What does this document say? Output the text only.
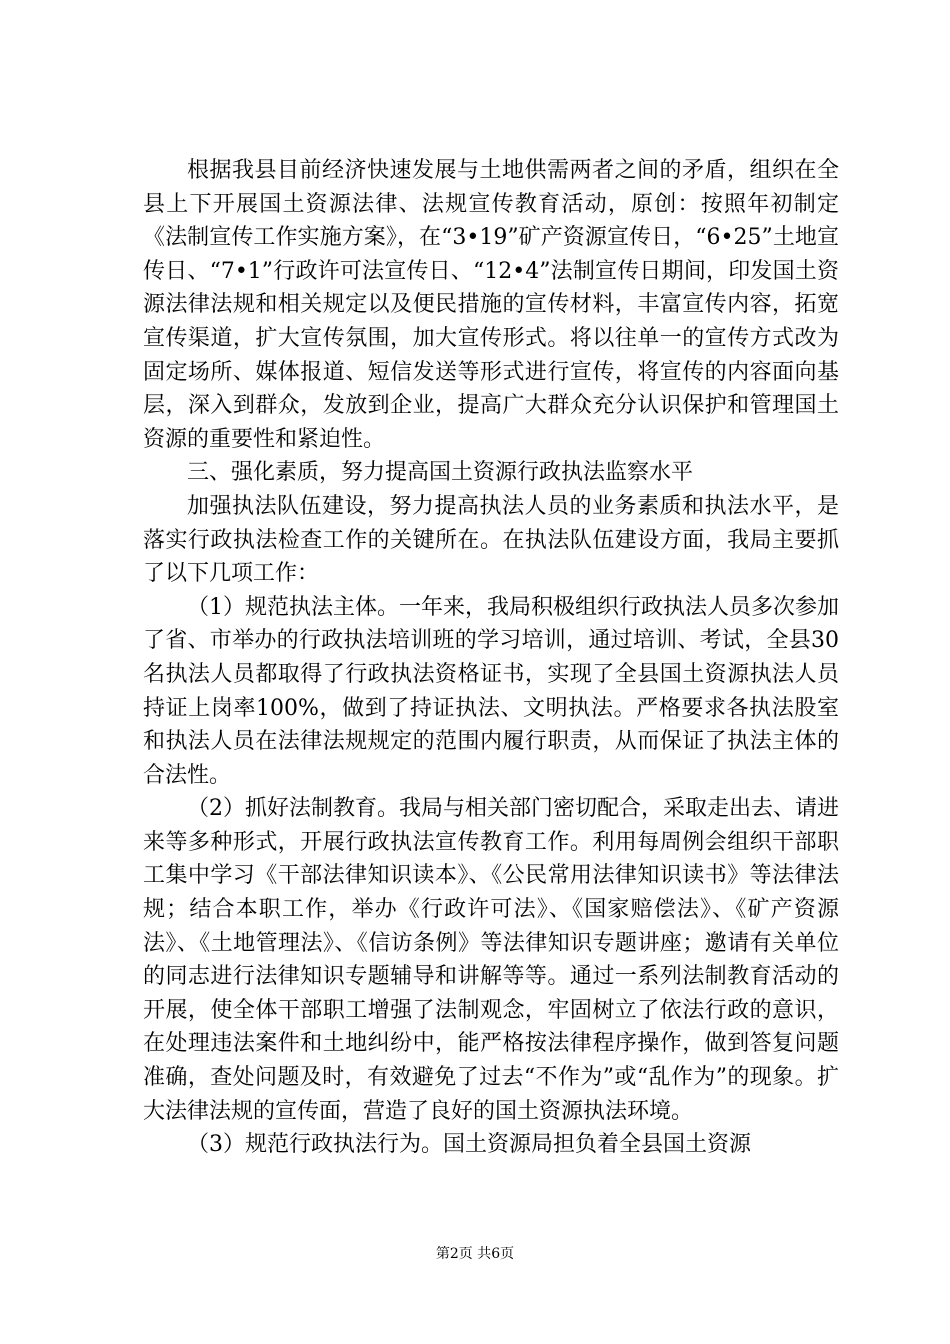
根据我县目前经济快速发展与土地供需两者之间的矛盾，组织在全县上下开展国土资源法律、法规宣传教育活动，原创：按照年初制定《法制宣传工作实施方案》，在“3•19”矿产资源宣传日，“6•25”土地宣传日、“7•1”行政许可法宣传日、“12•4”法制宣传日期间，印发国土资源法律法规和相关规定以及便民措施的宣传材料，丰富宣传内容，拓宽宣传渠道，扩大宣传氛围，加大宣传形式。将以往单一的宣传方式改为固定场所、媒体报道、短信发送等形式进行宣传，将宣传的内容面向基层，深入到群众，发放到企业，提高广大群众充分认识保护和管理国土资源的重要性和紧迫性。

三、强化素质，努力提高国土资源行政执法监察水平

加强执法队伍建设，努力提高执法人员的业务素质和执法水平，是落实行政执法检查工作的关键所在。在执法队伍建设方面，我局主要抓了以下几项工作：

（1）规范执法主体。一年来，我局积极组织行政执法人员多次参加了省、市举办的行政执法培训班的学习培训，通过培训、考试，全县30名执法人员都取得了行政执法资格证书，实现了全县国土资源执法人员持证上岗率100%，做到了持证执法、文明执法。严格要求各执法股室和执法人员在法律法规规定的范围内履行职责，从而保证了执法主体的合法性。

（2）抓好法制教育。我局与相关部门密切配合，采取走出去、请进来等多种形式，开展行政执法宣传教育工作。利用每周例会组织干部职工集中学习《干部法律知识读本》、《公民常用法律知识读书》等法律法规；结合本职工作，举办《行政许可法》、《国家赔偿法》、《矿产资源法》、《土地管理法》、《信访条例》等法律知识专题讲座；邀请有关单位的同志进行法律知识专题辅导和讲解等等。通过一系列法制教育活动的开展，使全体干部职工增强了法制观念，牢固树立了依法行政的意识，在处理违法案件和土地纠纷中，能严格按法律程序操作，做到答复问题准确，查处问题及时，有效避免了过去“不作为”或“乱作为”的现象。扩大法律法规的宣传面，营造了良好的国土资源执法环境。

（3）规范行政执法行为。国土资源局担负着全县国土资源

第2页 共6页
